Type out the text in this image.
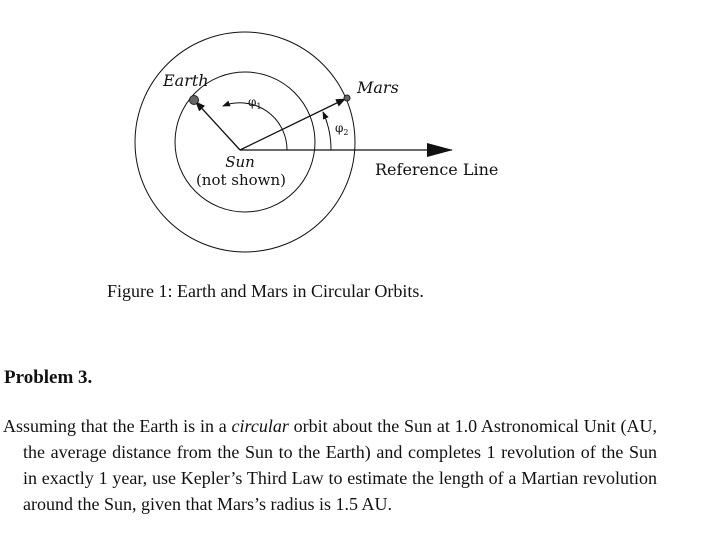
Earth	Mars
$\varphi_1$
$\varphi_2$
Sun
(not shown)
Reference Line
Figure 1: Earth and Mars in Circular Orbits.
Problem 3.
Assuming that the Earth is in a circular orbit about the Sun at 1.0 Astronomical Unit (AU, the average distance from the Sun to the Earth) and completes 1 revolution of the Sun in exactly 1 year, use Kepler’s Third Law to estimate the length of a Martian revolution around the Sun, given that Mars’s radius is 1.5 AU.
